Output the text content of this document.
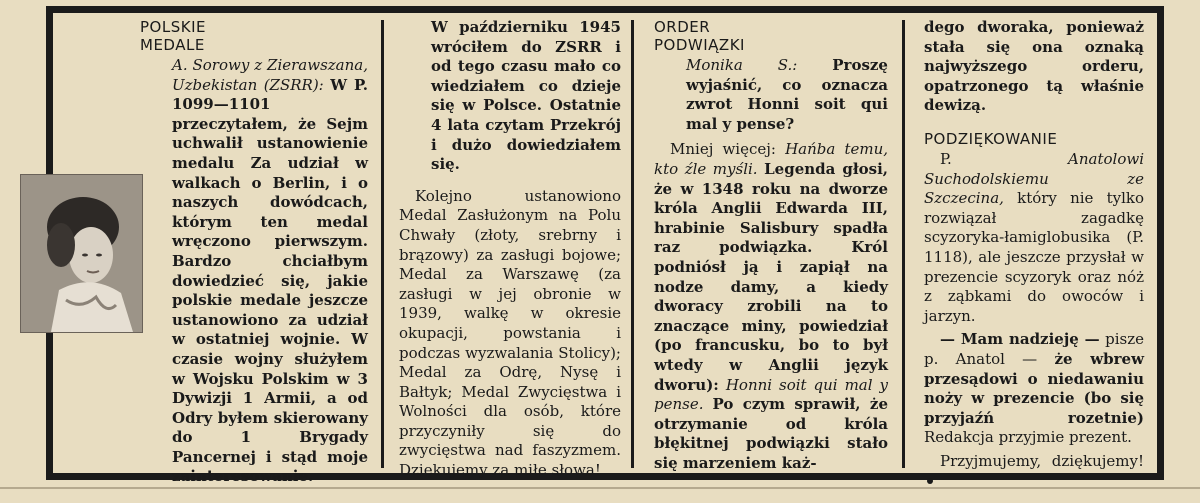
POLSKIE
MEDALE

A. Sorowy z Zierawszana, Uzbekistan (ZSRR): W P. 1099—1101 przeczytałem, że Sejm uchwalił ustanowienie medalu Za udział w walkach o Berlin, i o naszych dowódcach, którym ten medal wręczono pierwszym. Bardzo chciałbym dowiedzieć się, jakie polskie medale jeszcze ustanowiono za udział w ostatniej wojnie. W czasie wojny służyłem w Wojsku Polskim w 3 Dywizji 1 Armii, a od Odry byłem skierowany do 1 Brygady Pancernej i stąd moje zainteresowanie.

W październiku 1945 wróciłem do ZSRR i od tego czasu mało co wiedziałem co dzieje się w Polsce. Ostatnie 4 lata czytam Przekrój i dużo dowiedziałem się.

Kolejno ustanowiono Medal Zasłużonym na Polu Chwały (złoty, srebrny i brązowy) za zasługi bojowe; Medal za Warszawę (za zasługi w jej obronie w 1939, walkę w okresie okupacji, powstania i podczas wyzwalania Stolicy); Medal za Odrę, Nysę i Bałtyk; Medal Zwycięstwa i Wolności dla osób, które przyczyniły się do zwycięstwa nad faszyzmem. Dziękujemy za miłe słowa!

ORDER
PODWIĄZKI

Monika S.: Proszę wyjaśnić, co oznacza zwrot Honni soit qui mal y pense?

Mniej więcej: Hańba temu, kto źle myśli. Legenda głosi, że w 1348 roku na dworze króla Anglii Edwarda III, hrabinie Salisbury spadła raz podwiązka. Król podniósł ją i zapiął na nodze damy, a kiedy dworacy zrobili na to znaczące miny, powiedział (po francusku, bo to był wtedy w Anglii język dworu): Honni soit qui mal y pense. Po czym sprawił, że otrzymanie od króla błękitnej podwiązki stało się marzeniem każ-

dego dworaka, ponieważ stała się ona oznaką najwyższego orderu, opatrzonego tą właśnie dewizą.

PODZIĘKOWANIE

P.	Anatolowi Suchodolskiemu ze Szczecina, który nie tylko rozwiązał zagadkę scyzoryka-łamiglobusika (P. 1118), ale jeszcze przysłał w prezencie scyzoryk oraz nóż z ząbkami do owoców i jarzyn.

— Mam nadzieję — pisze p. Anatol — że wbrew przesądowi o niedawaniu noży w prezencie (bo się przyjaźń rozetnie) Redakcja przyjmie prezent.

Przyjmujemy, dziękujemy!
